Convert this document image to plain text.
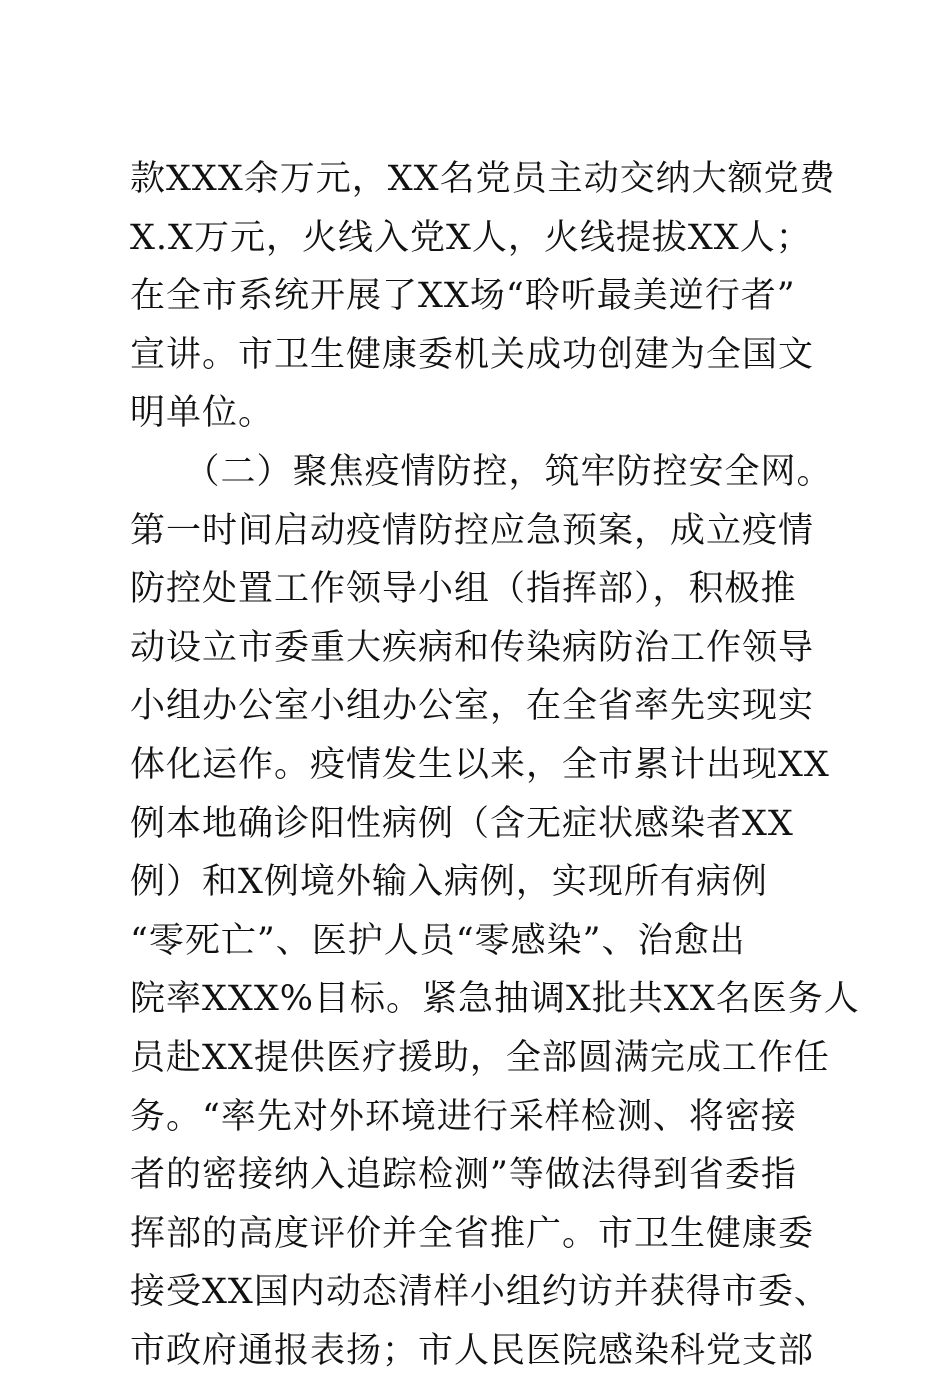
款XXX余万元，XX名党员主动交纳大额党费
X.X万元，火线入党X人，火线提拔XX人；
在全市系统开展了XX场“聆听最美逆行者”
宣讲。市卫生健康委机关成功创建为全国文
明单位。
　　（二）聚焦疫情防控，筑牢防控安全网。
第一时间启动疫情防控应急预案，成立疫情
防控处置工作领导小组（指挥部），积极推
动设立市委重大疾病和传染病防治工作领导
小组办公室小组办公室，在全省率先实现实
体化运作。疫情发生以来，全市累计出现XX
例本地确诊阳性病例（含无症状感染者XX
例）和X例境外输入病例，实现所有病例
“零死亡”、医护人员“零感染”、治愈出
院率XXX%目标。紧急抽调X批共XX名医务人
员赴XX提供医疗援助，全部圆满完成工作任
务。“率先对外环境进行采样检测、将密接
者的密接纳入追踪检测”等做法得到省委指
挥部的高度评价并全省推广。市卫生健康委
接受XX国内动态清样小组约访并获得市委、
市政府通报表扬；市人民医院感染科党支部
